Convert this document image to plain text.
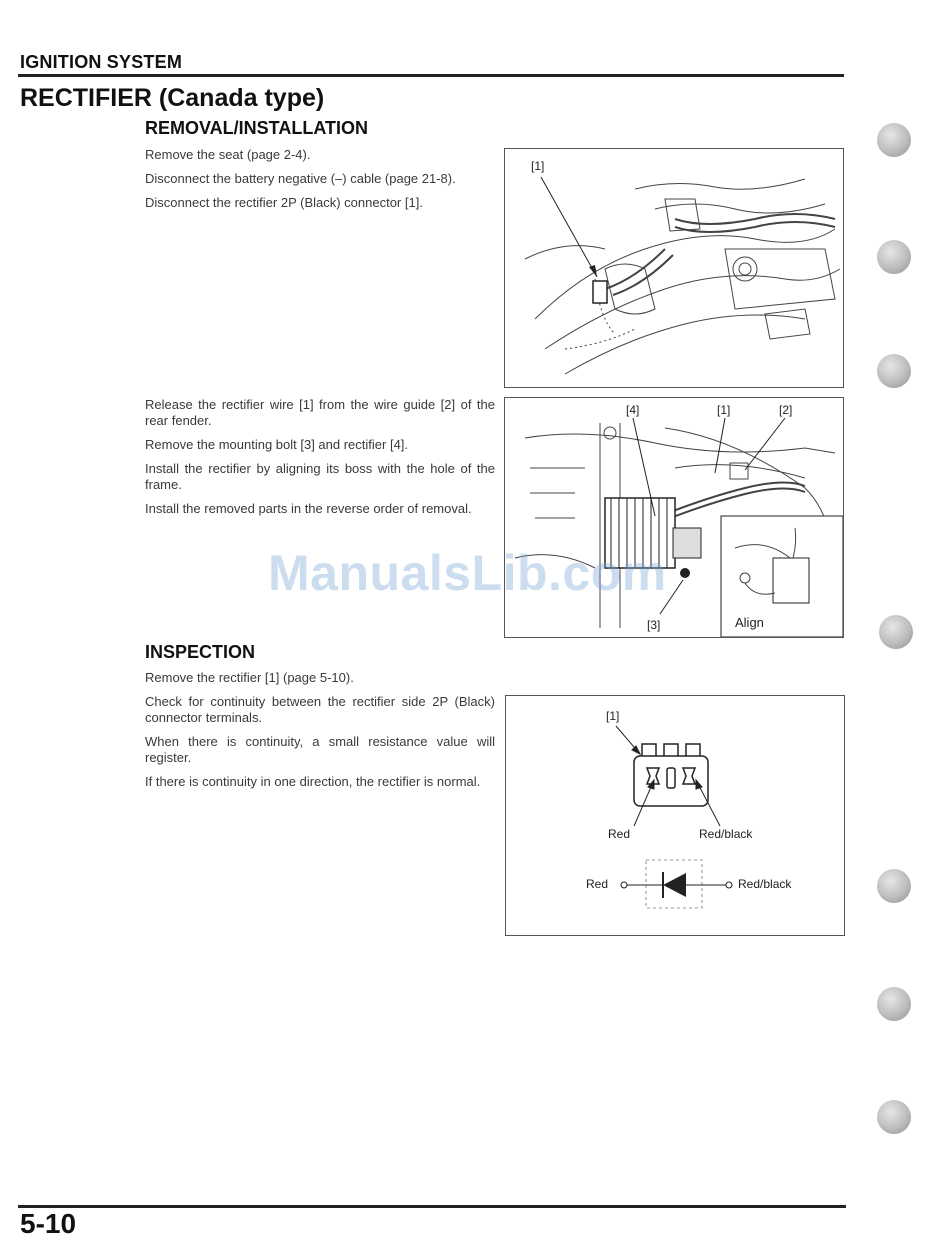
IGNITION SYSTEM
RECTIFIER (Canada type)
REMOVAL/INSTALLATION
Remove the seat (page 2-4).
Disconnect the battery negative (–) cable (page 21-8).
Disconnect the rectifier 2P (Black) connector [1].
[1]
Release the rectifier wire [1] from the wire guide [2] of the rear fender.
Remove the mounting bolt [3] and rectifier [4].
Install the rectifier by aligning its boss with the hole of the frame.
Install the removed parts in the reverse order of removal.
[4]	[1]	[2]
[3]	Align
ManualsLib.com
INSPECTION
Remove the rectifier [1] (page 5-10).
Check for continuity between the rectifier side 2P (Black) connector terminals.
When there is continuity, a small resistance value will register.
If there is continuity in one direction, the rectifier is normal.
[1]
Red	Red/black
Red	Red/black
5-10
